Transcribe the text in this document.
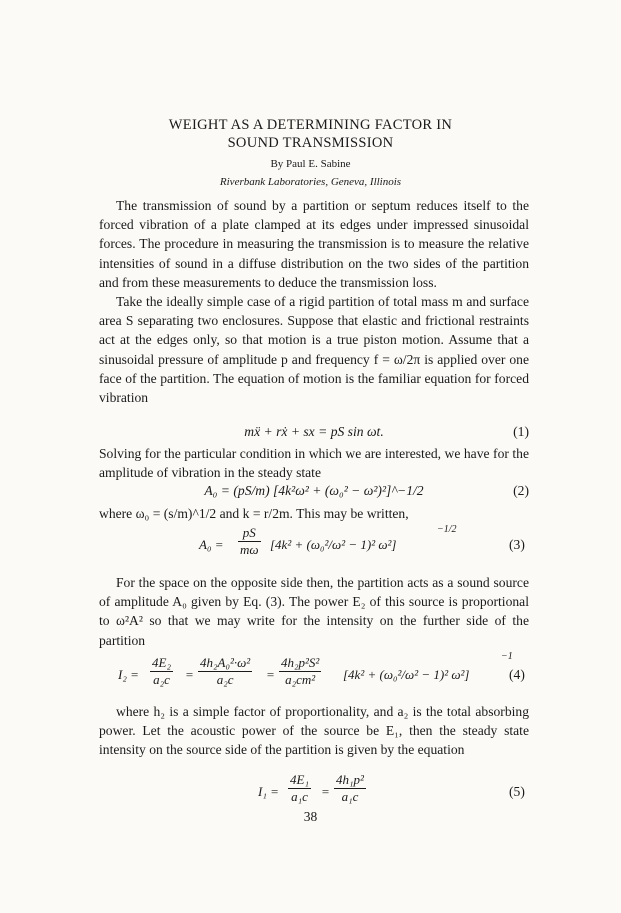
WEIGHT AS A DETERMINING FACTOR IN
SOUND TRANSMISSION
By Paul E. Sabine
Riverbank Laboratories, Geneva, Illinois

The transmission of sound by a partition or septum reduces itself to the forced vibration of a plate clamped at its edges under impressed sinusoidal forces. The procedure in measuring the transmission is to measure the relative intensities of sound in a diffuse distribution on the two sides of the partition and from these measurements to deduce the transmission loss.

Take the ideally simple case of a rigid partition of total mass m and surface area S separating two enclosures. Suppose that elastic and frictional restraints act at the edges only, so that motion is a true piston motion. Assume that a sinusoidal pressure of amplitude p and frequency f = ω/2π is applied over one face of the partition. The equation of motion is the familiar equation for forced vibration

mẍ + rẋ + sx = pS sin ωt.	(1)

Solving for the particular condition in which we are interested, we have for the amplitude of vibration in the steady state

A₀ = (pS/m) [4k²ω² + (ω₀² − ω²)²]^−1/2	(2)

where ω₀ = (s/m)^1/2 and k = r/2m. This may be written,

$A_0 = \frac{pS}{m\omega} [4k^2 + (\omega_0^2/\omega^2 - 1)^2$ ω²]
−1/2
(3)

For the space on the opposite side then, the partition acts as a sound source of amplitude A₀ given by Eq. (3). The power E₂ of this source is proportional to ω²A² so that we may write for the intensity on the further side of the partition

$I_2 = \frac{\text{4E₂}}{\text{a₂c}} = \frac{\text{4h₂A₀²·ω²}}{\text{a₂c}} = \frac{\text{4h₂p²S²}}{\text{a₂cm²}} [4k^2 + (\omega_0^2/\omega^2 - 1)^2$ ω²]
−1
(4)

where h₂ is a simple factor of proportionality, and a₂ is the total absorbing power. Let the acoustic power of the source be E₁, then the steady state intensity on the source side of the partition is given by the equation

$I_1 = \frac{\text{4E₁}}{\text{a₁c}} = \frac{\text{4h₁p²}}{\text{a₁c}}$	(5)
38
